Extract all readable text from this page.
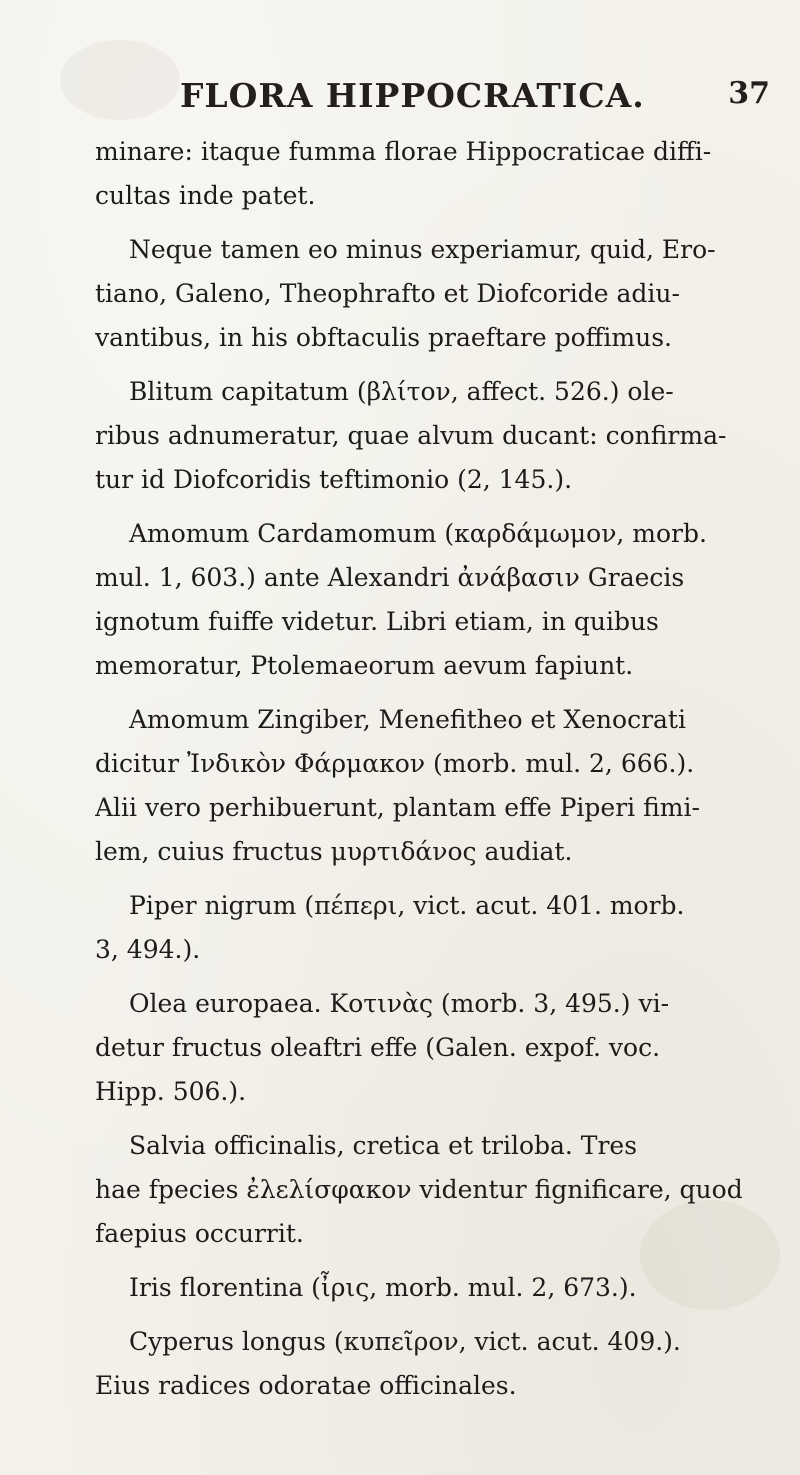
FLORA HIPPOCRATICA.	37
minare: itaque fumma florae Hippocraticae diffi-
cultas inde patet.
Neque tamen eo minus experiamur, quid, Ero-
tiano, Galeno, Theophrafto et Diofcoride adiu-
vantibus, in his obftaculis praeftare poffimus.
Blitum capitatum (βλίτον, affect. 526.) ole-
ribus adnumeratur, quae alvum ducant: confirma-
tur id Diofcoridis teftimonio (2, 145.).
Amomum Cardamomum (καρδάμωμον, morb.
mul. 1, 603.) ante Alexandri ἀνάβασιν Graecis
ignotum fuiffe videtur. Libri etiam, in quibus
memoratur, Ptolemaeorum aevum fapiunt.
Amomum Zingiber, Menefitheo et Xenocrati
dicitur Ἰνδικὸν Φάρμακον (morb. mul. 2, 666.).
Alii vero perhibuerunt, plantam effe Piperi fimi-
lem, cuius fructus μυρτιδάνος audiat.
Piper nigrum (πέπερι, vict. acut. 401. morb.
3, 494.).
Olea europaea. Κοτινὰς (morb. 3, 495.) vi-
detur fructus oleaftri effe (Galen. expof. voc.
Hipp. 506.).
Salvia officinalis, cretica et triloba. Tres
hae fpecies ἐλελίσφακον videntur fignificare, quod
faepius occurrit.
Iris florentina (ἶρις, morb. mul. 2, 673.).
Cyperus longus (κυπεῖρον, vict. acut. 409.).
Eius radices odoratae officinales.
